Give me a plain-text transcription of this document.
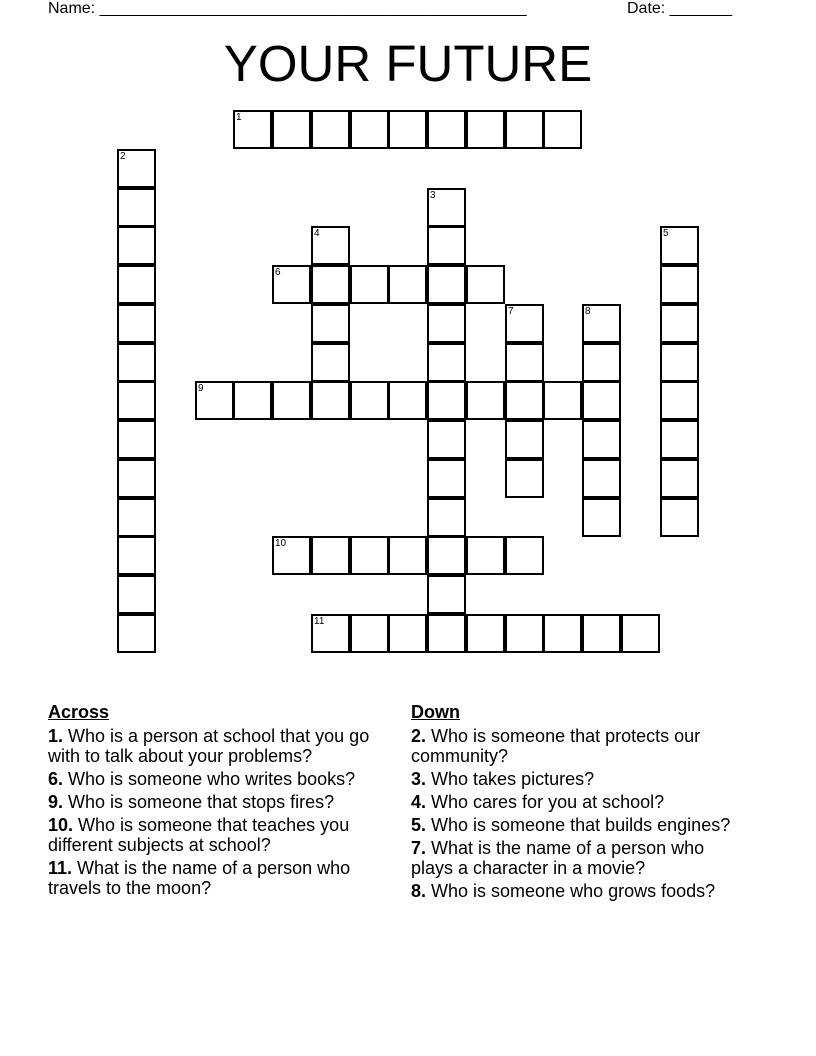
Name: ________________________________________________	Date: _______
YOUR FUTURE
1
2
3
4	5
6
7	8
9
10
11
Across
1. Who is a person at school that you go with to talk about your problems?
6. Who is someone who writes books?
9. Who is someone that stops fires?
10. Who is someone that teaches you different subjects at school?
11. What is the name of a person who travels to the moon?
Down
2. Who is someone that protects our community?
3. Who takes pictures?
4. Who cares for you at school?
5. Who is someone that builds engines?
7. What is the name of a person who plays a character in a movie?
8. Who is someone who grows foods?
